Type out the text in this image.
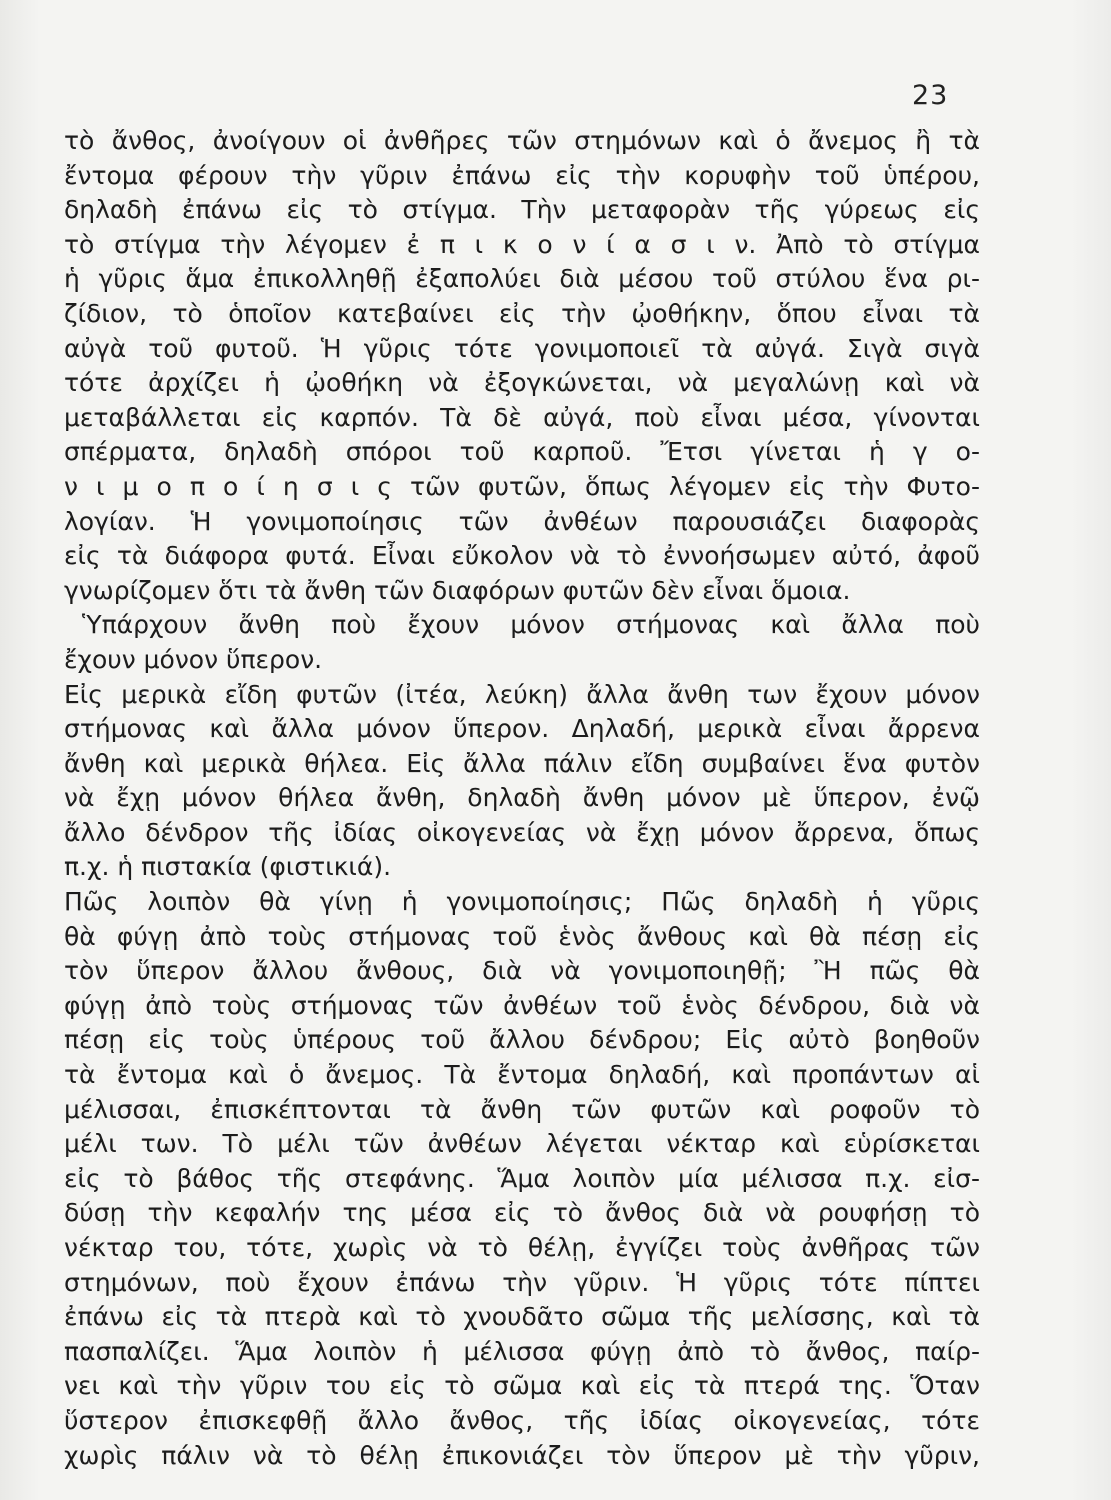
23
τὸ ἄνθος, ἀνοίγουν οἱ ἀνθῆρες τῶν στημόνων καὶ ὁ ἄνεμος ἢ τὰ
ἔντομα φέρουν τὴν γῦριν ἐπάνω εἰς τὴν κορυφὴν τοῦ ὑπέρου,
δηλαδὴ ἐπάνω εἰς τὸ στίγμα. Τὴν μεταφορὰν τῆς γύρεως εἰς
τὸ στίγμα τὴν λέγομεν ἐ π ι κ ο ν ί α σ ι ν. Ἀπὸ τὸ στίγμα
ἡ γῦρις ἅμα ἐπικολληθῇ ἐξαπολύει διὰ μέσου τοῦ στύλου ἕνα ρι-
ζίδιον, τὸ ὁποῖον κατεβαίνει εἰς τὴν ᾠοθήκην, ὅπου εἶναι τὰ
αὐγὰ τοῦ φυτοῦ. Ἡ γῦρις τότε γονιμοποιεῖ τὰ αὐγά. Σιγὰ σιγὰ
τότε ἀρχίζει ἡ ᾠοθήκη νὰ ἐξογκώνεται, νὰ μεγαλώνῃ καὶ νὰ
μεταβάλλεται εἰς καρπόν. Τὰ δὲ αὐγά, ποὺ εἶναι μέσα, γίνονται
σπέρματα, δηλαδὴ σπόροι τοῦ καρποῦ. Ἔτσι γίνεται ἡ γ ο-
ν ι μ ο π ο ί η σ ι ς τῶν φυτῶν, ὅπως λέγομεν εἰς τὴν Φυτο-
λογίαν. Ἡ γονιμοποίησις τῶν ἀνθέων παρουσιάζει διαφορὰς
εἰς τὰ διάφορα φυτά. Εἶναι εὔκολον νὰ τὸ ἐννοήσωμεν αὐτό, ἀφοῦ
γνωρίζομεν ὅτι τὰ ἄνθη τῶν διαφόρων φυτῶν δὲν εἶναι ὅμοια.
Ὑπάρχουν ἄνθη ποὺ ἔχουν μόνον στήμονας καὶ ἄλλα ποὺ
ἔχουν μόνον ὕπερον.
Εἰς μερικὰ εἴδη φυτῶν (ἰτέα, λεύκη) ἄλλα ἄνθη των ἔχουν μόνον
στήμονας καὶ ἄλλα μόνον ὕπερον. Δηλαδή, μερικὰ εἶναι ἄρρενα
ἄνθη καὶ μερικὰ θήλεα. Εἰς ἄλλα πάλιν εἴδη συμβαίνει ἕνα φυτὸν
νὰ ἔχῃ μόνον θήλεα ἄνθη, δηλαδὴ ἄνθη μόνον μὲ ὕπερον, ἐνῷ
ἄλλο δένδρον τῆς ἰδίας οἰκογενείας νὰ ἔχῃ μόνον ἄρρενα, ὅπως
π.χ. ἡ πιστακία (φιστικιά).
Πῶς λοιπὸν θὰ γίνῃ ἡ γονιμοποίησις; Πῶς δηλαδὴ ἡ γῦρις
θὰ φύγῃ ἀπὸ τοὺς στήμονας τοῦ ἑνὸς ἄνθους καὶ θὰ πέσῃ εἰς
τὸν ὕπερον ἄλλου ἄνθους, διὰ νὰ γονιμοποιηθῇ; Ἢ πῶς θὰ
φύγῃ ἀπὸ τοὺς στήμονας τῶν ἀνθέων τοῦ ἑνὸς δένδρου, διὰ νὰ
πέσῃ εἰς τοὺς ὑπέρους τοῦ ἄλλου δένδρου; Εἰς αὐτὸ βοηθοῦν
τὰ ἔντομα καὶ ὁ ἄνεμος. Τὰ ἔντομα δηλαδή, καὶ προπάντων αἱ
μέλισσαι, ἐπισκέπτονται τὰ ἄνθη τῶν φυτῶν καὶ ροφοῦν τὸ
μέλι των. Τὸ μέλι τῶν ἀνθέων λέγεται νέκταρ καὶ εὑρίσκεται
εἰς τὸ βάθος τῆς στεφάνης. Ἅμα λοιπὸν μία μέλισσα π.χ. εἰσ-
δύσῃ τὴν κεφαλήν της μέσα εἰς τὸ ἄνθος διὰ νὰ ρουφήσῃ τὸ
νέκταρ του, τότε, χωρὶς νὰ τὸ θέλῃ, ἐγγίζει τοὺς ἀνθῆρας τῶν
στημόνων, ποὺ ἔχουν ἐπάνω τὴν γῦριν. Ἡ γῦρις τότε πίπτει
ἐπάνω εἰς τὰ πτερὰ καὶ τὸ χνουδᾶτο σῶμα τῆς μελίσσης, καὶ τὰ
πασπαλίζει. Ἅμα λοιπὸν ἡ μέλισσα φύγῃ ἀπὸ τὸ ἄνθος, παίρ-
νει καὶ τὴν γῦριν του εἰς τὸ σῶμα καὶ εἰς τὰ πτερά της. Ὅταν
ὕστερον ἐπισκεφθῇ ἄλλο ἄνθος, τῆς ἰδίας οἰκογενείας, τότε
χωρὶς πάλιν νὰ τὸ θέλῃ ἐπικονιάζει τὸν ὕπερον μὲ τὴν γῦριν,
